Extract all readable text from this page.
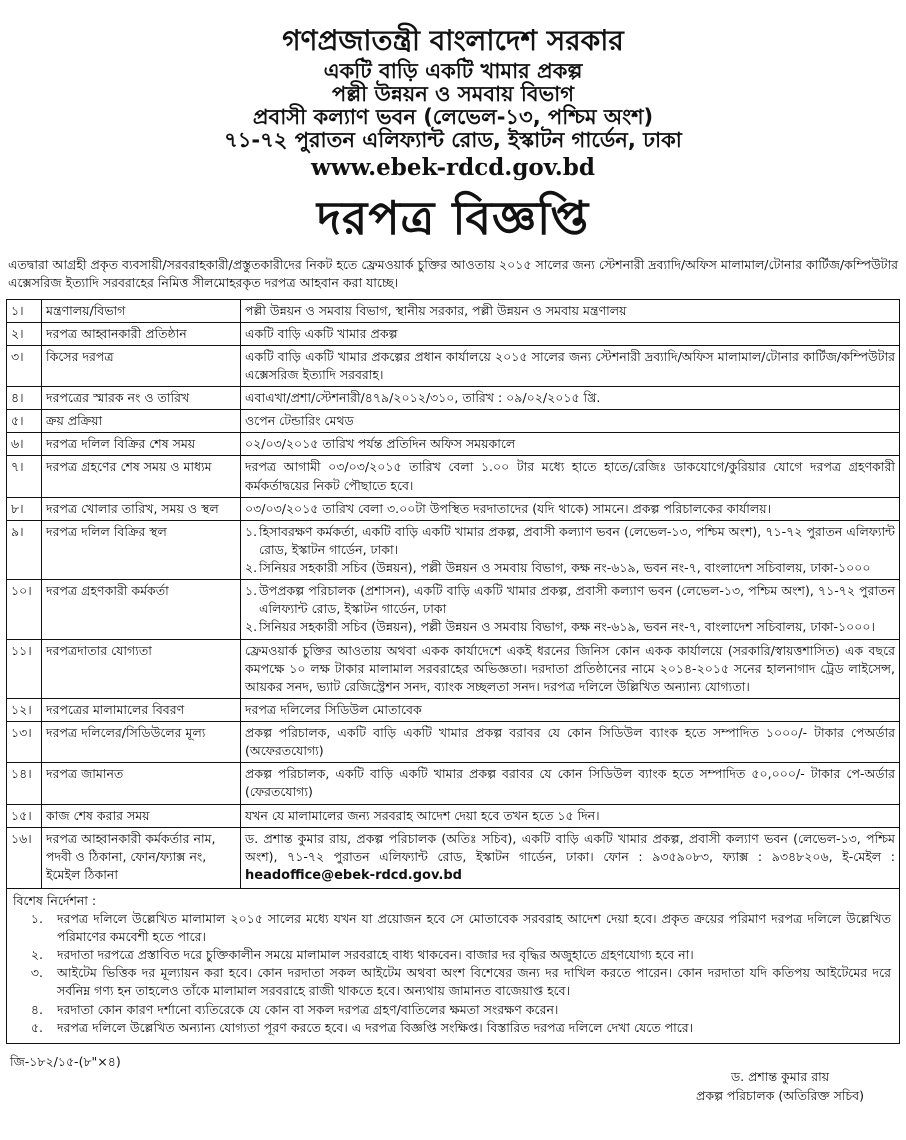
গণপ্রজাতন্ত্রী বাংলাদেশ সরকার
একটি বাড়ি একটি খামার প্রকল্প
পল্লী উন্নয়ন ও সমবায় বিভাগ
প্রবাসী কল্যাণ ভবন (লেভেল-১৩, পশ্চিম অংশ)
৭১-৭২ পুরাতন এলিফ্যান্ট রোড, ইস্কাটন গার্ডেন, ঢাকা
www.ebek-rdcd.gov.bd
দরপত্র বিজ্ঞপ্তি
এতদ্বারা আগ্রহী প্রকৃত ব্যবসায়ী/সরবরাহকারী/প্রস্তুতকারীদের নিকট হতে ফ্রেমওয়ার্ক চুক্তির আওতায় ২০১৫ সালের জন্য স্টেশনারী দ্রব্যাদি/অফিস মালামাল/টোনার কার্টিজ/কম্পিউটার এক্সেসরিজ ইত্যাদি সরবরাহের নিমিত্ত সীলমোহরকৃত দরপত্র আহবান করা যাচ্ছে।
১।	মন্ত্রণালয়/বিভাগ	পল্লী উন্নয়ন ও সমবায় বিভাগ, স্থানীয় সরকার, পল্লী উন্নয়ন ও সমবায় মন্ত্রণালয়
২।	দরপত্র আহ্বানকারী প্রতিষ্ঠান	একটি বাড়ি একটি খামার প্রকল্প
৩।	কিসের দরপত্র	একটি বাড়ি একটি খামার প্রকল্পের প্রধান কার্যালয়ে ২০১৫ সালের জন্য স্টেশনারী দ্রব্যাদি/অফিস মালামাল/টোনার কার্টিজ/কম্পিউটার এক্সেসরিজ ইত্যাদি সরবরাহ।
৪।	দরপত্রের স্মারক নং ও তারিখ	এবাএখা/প্রশা/স্টেশনারী/৪৭৯/২০১২/৩১০, তারিখ : ০৯/০২/২০১৫ খ্রি.
৫।	ক্রয় প্রক্রিয়া	ওপেন টেন্ডারিং মেথড
৬।	দরপত্র দলিল বিক্রির শেষ সময়	০২/০৩/২০১৫ তারিখ পর্যন্ত প্রতিদিন অফিস সময়কালে
৭।	দরপত্র গ্রহণের শেষ সময় ও মাধ্যম	দরপত্র আগামী ০৩/০৩/২০১৫ তারিখ বেলা ১.০০ টার মধ্যে হাতে হাতে/রেজিঃ ডাকযোগে/কুরিয়ার যোগে দরপত্র গ্রহণকারী কর্মকর্তাদ্বয়ের নিকট পৌছাতে হবে।
৮।	দরপত্র খোলার তারিখ, সময় ও স্থল	০৩/০৩/২০১৫ তারিখ বেলা ৩.০০টা উপস্থিত দরদাতাদের (যদি থাকে) সামনে। প্রকল্প পরিচালকের কার্যালয়।
৯।	দরপত্র দলিল বিক্রির স্থল	১. হিসাবরক্ষণ কর্মকর্তা, একটি বাড়ি একটি খামার প্রকল্প, প্রবাসী কল্যাণ ভবন (লেভেল-১৩, পশ্চিম অংশ), ৭১-৭২ পুরাতন এলিফ্যান্ট রোড, ইস্কাটন গার্ডেন, ঢাকা।
২. সিনিয়র সহকারী সচিব (উন্নয়ন), পল্লী উন্নয়ন ও সমবায় বিভাগ, কক্ষ নং-৬১৯, ভবন নং-৭, বাংলাদেশ সচিবালয়, ঢাকা-১০০০

১০।	দরপত্র গ্রহণকারী কর্মকর্তা	১. উপপ্রকল্প পরিচালক (প্রশাসন), একটি বাড়ি একটি খামার প্রকল্প, প্রবাসী কল্যাণ ভবন (লেভেল-১৩, পশ্চিম অংশ), ৭১-৭২ পুরাতন এলিফ্যান্ট রোড, ইস্কাটন গার্ডেন, ঢাকা
২. সিনিয়র সহকারী সচিব (উন্নয়ন), পল্লী উন্নয়ন ও সমবায় বিভাগ, কক্ষ নং-৬১৯, ভবন নং-৭, বাংলাদেশ সচিবালয়, ঢাকা-১০০০।

১১।	দরপত্রদাতার যোগ্যতা	ফ্রেমওয়ার্ক চুক্তির আওতায় অথবা একক কার্যাদেশে একই ধরনের জিনিস কোন একক কার্যালয়ে (সরকারি/স্বায়ত্তশাসিত) এক বছরে কমপক্ষে ১০ লক্ষ টাকার মালামাল সরবরাহের অভিজ্ঞতা। দরদাতা প্রতিষ্ঠানের নামে ২০১৪-২০১৫ সনের হালনাগাদ ট্রেড লাইসেন্স, আয়কর সনদ, ভ্যাট রেজিস্ট্রেশন সনদ, ব্যাংক সচ্ছলতা সনদ। দরপত্র দলিলে উল্লিখিত অন্যান্য যোগ্যতা।
১২।	দরপত্রের মালামালের বিবরণ	দরপত্র দলিলের সিডিউল মোতাবেক
১৩।	দরপত্র দলিলের/সিডিউলের মূল্য	প্রকল্প পরিচালক, একটি বাড়ি একটি খামার প্রকল্প বরাবর যে কোন সিডিউল ব্যাংক হতে সম্পাদিত ১০০০/- টাকার পেঅর্ডার (অফেরতযোগ্য)
১৪।	দরপত্র জামানত	প্রকল্প পরিচালক, একটি বাড়ি একটি খামার প্রকল্প বরাবর যে কোন সিডিউল ব্যাংক হতে সম্পাদিত ৫০,০০০/- টাকার পে-অর্ডার (ফেরতযোগ্য)
১৫।	কাজ শেষ করার সময়	যখন যে মালামালের জন্য সরবরাহ আদেশ দেয়া হবে তখন হতে ১৫ দিন।
১৬।	দরপত্র আহ্বানকারী কর্মকর্তার নাম, পদবী ও ঠিকানা, ফোন/ফ্যাক্স নং, ইমেইল ঠিকানা	ড. প্রশান্ত কুমার রায়, প্রকল্প পরিচালক (অতিঃ সচিব), একটি বাড়ি একটি খামার প্রকল্প, প্রবাসী কল্যাণ ভবন (লেভেল-১৩, পশ্চিম অংশ), ৭১-৭২ পুরাতন এলিফ্যান্ট রোড, ইস্কাটন গার্ডেন, ঢাকা। ফোন : ৯৩৫৯০৮৩, ফ্যাক্স : ৯৩৪৮২০৬, ই-মেইল : headoffice@ebek-rdcd.gov.bd
বিশেষ নির্দেশনা :
১.	দরপত্র দলিলে উল্লেখিত মালামাল ২০১৫ সালের মধ্যে যখন যা প্রয়োজন হবে সে মোতাবেক সরবরাহ আদেশ দেয়া হবে। প্রকৃত ক্রয়ের পরিমাণ দরপত্র দলিলে উল্লেখিত পরিমাণের কমবেশী হতে পারে।
২.	দরদাতা দরপত্রে প্রস্তাবিত দরে চুক্তিকালীন সময়ে মালামাল সরবরাহে বাধ্য থাকবেন। বাজার দর বৃদ্ধির অজুহাতে গ্রহণযোগ্য হবে না।
৩.	আইটেম ভিত্তিক দর মূল্যায়ন করা হবে। কোন দরদাতা সকল আইটেম অথবা অংশ বিশেষের জন্য দর দাখিল করতে পারেন। কোন দরদাতা যদি কতিপয় আইটেমের দরে সর্বনিম্ন গণ্য হন তাহলেও তাঁকে মালামাল সরবরাহে রাজী থাকতে হবে। অন্যথায় জামানত বাজেয়াপ্ত হবে।
৪.	দরদাতা কোন কারণ দর্শানো ব্যতিরেকে যে কোন বা সকল দরপত্র গ্রহণ/বাতিলের ক্ষমতা সংরক্ষণ করেন।
৫.	দরপত্র দলিলে উল্লেখিত অন্যান্য যোগ্যতা পূরণ করতে হবে। এ দরপত্র বিজ্ঞপ্তি সংক্ষিপ্ত। বিস্তারিত দরপত্র দলিলে দেখা যেতে পারে।
জি-১৮২/১৫-(৮"×৪)
ড. প্রশান্ত কুমার রায়
প্রকল্প পরিচালক (অতিরিক্ত সচিব)
